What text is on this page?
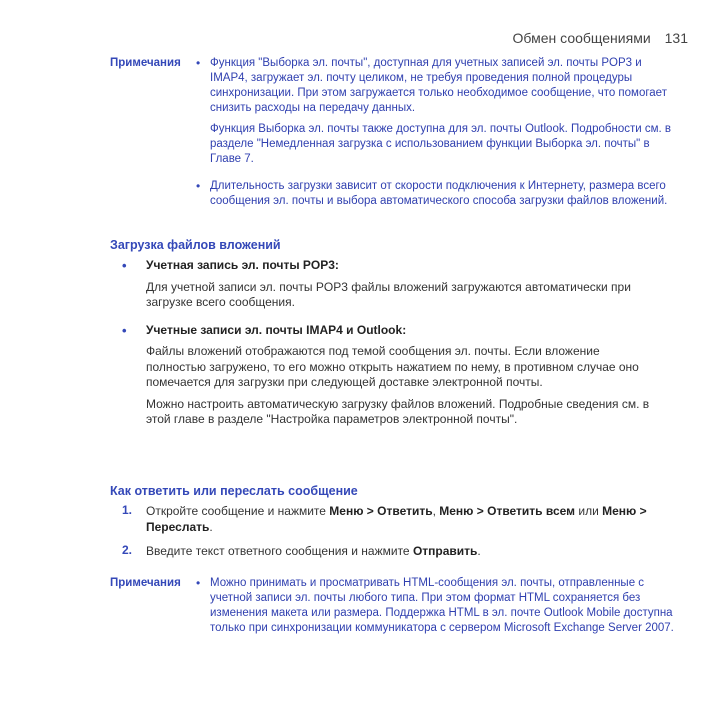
Обмен сообщениями 131
Примечания	• Функция "Выборка эл. почты", доступная для учетных записей эл. почты POP3 и IMAP4, загружает эл. почту целиком, не требуя проведения полной процедуры синхронизации. При этом загружается только необходимое сообщение, что помогает снизить расходы на передачу данных.

Функция Выборка эл. почты также доступна для эл. почты Outlook. Подробности см. в разделе "Немедленная загрузка с использованием функции Выборка эл. почты" в Главе 7.

• Длительность загрузки зависит от скорости подключения к Интернету, размера всего сообщения эл. почты и выбора автоматического способа загрузки файлов вложений.

Загрузка файлов вложений
•	Учетная запись эл. почты POP3:

Для учетной записи эл. почты POP3 файлы вложений загружаются автоматически при загрузке всего сообщения.

•	Учетные записи эл. почты IMAP4 и Outlook:

Файлы вложений отображаются под темой сообщения эл. почты. Если вложение полностью загружено, то его можно открыть нажатием по нему, в противном случае оно помечается для загрузки при следующей доставке электронной почты.

Можно настроить автоматическую загрузку файлов вложений. Подробные сведения см. в этой главе в разделе "Настройка параметров электронной почты".

Как ответить или переслать сообщение
1.	Откройте сообщение и нажмите Меню > Ответить, Меню > Ответить всем или Меню > Переслать.
2.	Введите текст ответного сообщения и нажмите Отправить.
Примечания	• Можно принимать и просматривать HTML-сообщения эл. почты, отправленные с учетной записи эл. почты любого типа. При этом формат HTML сохраняется без изменения макета или размера. Поддержка HTML в эл. почте Outlook Mobile доступна только при синхронизации коммуникатора с сервером Microsoft Exchange Server 2007.
